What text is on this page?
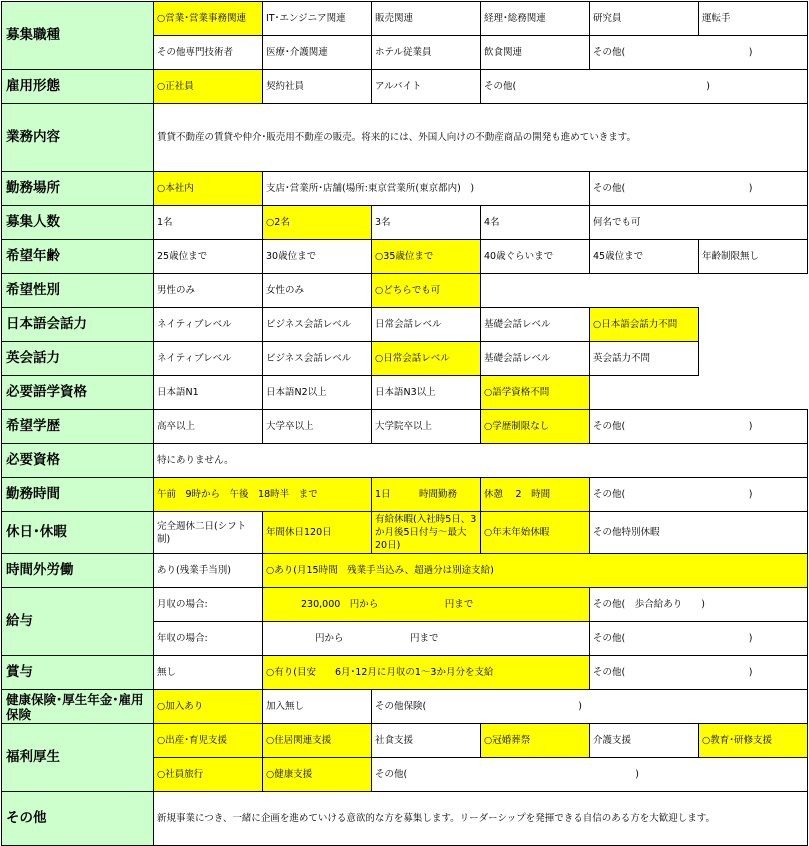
募集職種	○営業･営業事務関連	IT･エンジニア関連	販売関連	経理･総務関連	研究員	運転手
	その他専門技術者	医療･介護関連	ホテル従業員	飲食関連	その他(　　　　　　　　　　　　　)	
雇用形態	○正社員	契約社員	アルバイト	その他(　　　　　　　　　　　　　　　　　　　　)		
業務内容	賃貸不動産の賃貸や仲介･販売用不動産の販売。将来的には、外国人向けの不動産商品の開発も進めていきます。					
勤務場所	○本社内	支店･営業所･店舗(場所:東京営業所(東京都内)　)			その他(　　　　　　　　　　　　　)	
募集人数	1名	○2名	3名	4名	何名でも可	
希望年齢	25歳位まで	30歳位まで	○35歳位まで	40歳ぐらいまで	45歳位まで	年齢制限無し
希望性別	男性のみ	女性のみ	○どちらでも可			
日本語会話力	ネイティブレベル	ビジネス会話レベル	日常会話レベル	基礎会話レベル	○日本語会話力不問	
英会話力	ネイティブレベル	ビジネス会話レベル	○日常会話レベル	基礎会話レベル	英会話力不問	
必要語学資格	日本語N1	日本語N2以上	日本語N3以上	○語学資格不問		
希望学歴	高卒以上	大学卒以上	大学院卒以上	○学歴制限なし	その他(　　　　　　　　　　　　　)	
必要資格	特にありません。					
勤務時間	午前　9時から　午後　18時半　まで		1日　　　時間勤務	休憩　 2　時間	その他(　　　　　　　　　　　　　)	
休日･休暇	完全週休二日(シフト制)	年間休日120日	有給休暇(入社時5日、3か月後5日付与～最大20日)	○年末年始休暇	その他特別休暇	
時間外労働	あり(残業手当別)	○あり(月15時間　残業手当込み、超過分は別途支給)				
給与	月収の場合:	230,000　円から　　　　　　　円まで			その他(　歩合給あり　　)	
	年収の場合:	円から　　　　　　　円まで			その他(　　　　　　　　　　　　　)	
賞与	無し	○有り(目安　　6月･12月に月収の1～3か月分を支給			その他(　　　　　　　　　　　　　)	
健康保険･厚生年金･雇用保険	○加入あり	加入無し	その他保険(　　　　　　　　　　　　　　　　)			
福利厚生	○出産･育児支援	○住居関連支援	社食支援	○冠婚葬祭	介護支援	○教育･研修支援
	○社員旅行	○健康支援	その他(　　　　　　　　　　　　　　　　　　　　　　　　)			
その他	新規事業につき、一緒に企画を進めていける意欲的な方を募集します。リーダーシップを発揮できる自信のある方を大歓迎します。					
